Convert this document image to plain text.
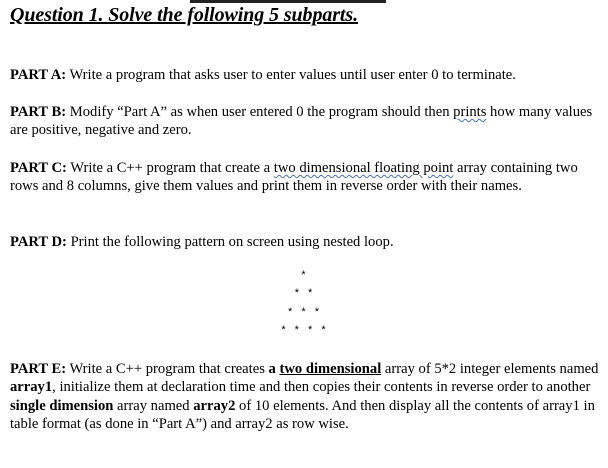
Question 1. Solve the following 5 subparts.
PART A: Write a program that asks user to enter values until user enter 0 to terminate.
PART B: Modify “Part A” as when user entered 0 the program should then prints how many values are positive, negative and zero.
PART C: Write a C++ program that create a two dimensional floating point array containing two rows and 8 columns, give them values and print them in reverse order with their names.
PART D: Print the following pattern on screen using nested loop.
*
* *
* * *
* * * *
PART E: Write a C++ program that creates a two dimensional array of 5*2 integer elements named array1, initialize them at declaration time and then copies their contents in reverse order to another single dimension array named array2 of 10 elements. And then display all the contents of array1 in table format (as done in “Part A”) and array2 as row wise.
